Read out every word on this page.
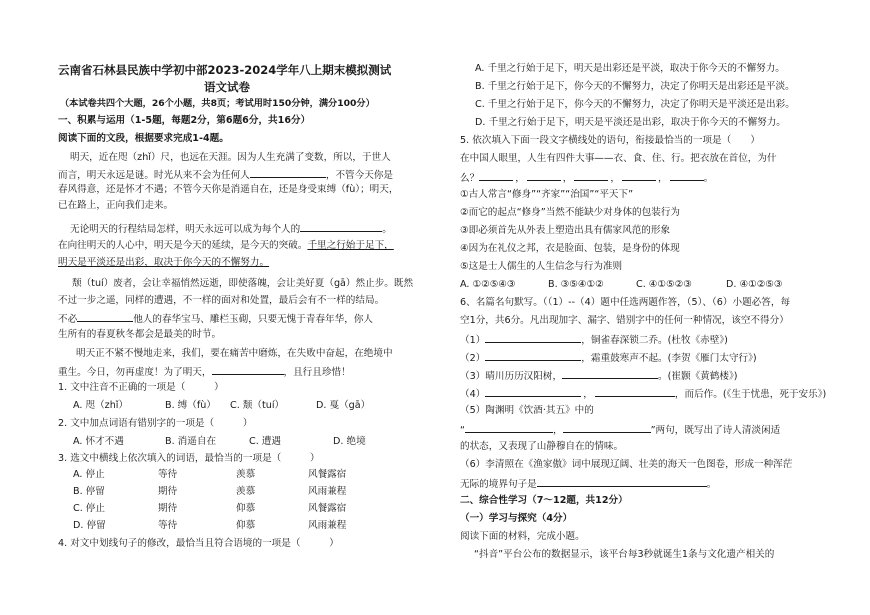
云南省石林县民族中学初中部2023-2024学年八上期末模拟测试
语文试卷
（本试卷共四个大题，26个小题，共8页；考试用时150分钟，满分100分）
一、积累与运用（1-5题，每题2分，第6题6分，共16分）
阅读下面的文段，根据要求完成1-4题。
明天，近在咫（zhǐ）尺，也远在天涯。因为人生充满了变数，所以，于世人
而言，明天永远是谜。时光从来不会为任何人	，不管今天你是
春风得意，还是怀才不遇；不管今天你是消遥自在，还是身受束缚（fù）；明天，
已在路上，正向我们走来。
无论明天的行程结局怎样，明天永远可以成为每个人的	。
在向往明天的人心中，明天是今天的延续，是今天的突破。千里之行始于足下，
明天是平淡还是出彩，取决于你今天的不懈努力。
颓（tuí）废者，会让幸福悄然远逝，即使落魄，会让美好夏（gā）然止步。既然
不过一步之遥，同样的遭遇，不一样的面对和处置，最后会有不一样的结局。
不必	他人的春华宝马、雕栏玉砌，只要无愧于青春年华，你人
生所有的春夏秋冬都会是最美的时节。
明天正不紧不慢地走来，我们，要在痛苦中磨炼，在失败中奋起，在绝境中
重生。今日，勿再虚度！为了明天，	，且行且珍惜！
1. 文中注音不正确的一项是（　　　）
A. 咫（zhǐ）	B. 缚（fù） C. 颓（tuí）	D. 戛（gā）
2. 文中加点词语有错别字的一项是（　　　）
A. 怀才不遇	B. 消遥自在	C. 遭遇	D. 绝境
3. 选文中横线上依次填入的词语，最恰当的一项是（　　　）
A. 停止	等待	羡慕	风餐露宿
B. 停留	期待	羡慕	风雨兼程
C. 停止	期待	仰慕	风餐露宿
D. 停留	等待	仰慕	风雨兼程
4. 对文中划线句子的修改，最恰当且符合语境的一项是（　　　）
A. 千里之行始于足下，明天是出彩还是平淡，取决于你今天的不懈努力。
B. 千里之行始于足下，你今天的不懈努力，决定了你明天是出彩还是平淡。
C. 千里之行始于足下，你今天的不懈努力，决定了你明天是平淡还是出彩。
D. 千里之行始于足下，明天是平淡还是出彩，取决于你今天的不懈努力。
5. 依次填入下面一段文字横线处的语句，衔接最恰当的一项是（　　）
在中国人眼里，人生有四件大事——衣、食、住、行。把衣放在首位，为什
么？	，	，	，	，	。
①古人常言“修身”“齐家”“治国”“平天下”
②而它的起点“修身”当然不能缺少对身体的包装行为
③即必须首先从外表上塑造出具有儒家风范的形象
④因为在礼仪之邦，衣是脸面、包装，是身份的体现
⑤这是士人儒生的人生信念与行为准则
A. ①②⑤④③	B. ③⑤④①②	C. ④①⑤②③	D. ④①②⑤③
6、名篇名句默写。（（1）--（4）题中任选两题作答，（5）、（6）小题必答，每
空1分，共6分。凡出现加字、漏字、错别字中的任何一种情况，该空不得分）
（1）	，铜雀春深锁二乔。(杜牧《赤壁》)
（2）	，霜重鼓寒声不起。(李贺《雁门太守行》)
（3）晴川历历汉阳树，	。(崔颢《黄鹤楼》)
（4）	，	，而后作。(《生于忧患，死于安乐》)
（5）陶渊明《饮酒·其五》中的
“	，	”两句，既写出了诗人清淡闲适
的状态，又表现了山静穆自在的情味。
（6）李清照在《渔家傲》词中展现辽阔、壮美的海天一色图卷，形成一种浑茫
无际的境界句子是	。
二、综合性学习（7～12题，共12分）
（一）学习与探究（4分）
阅读下面的材料，完成小题。
“抖音”平台公布的数据显示，该平台每3秒就诞生1条与文化遗产相关的
